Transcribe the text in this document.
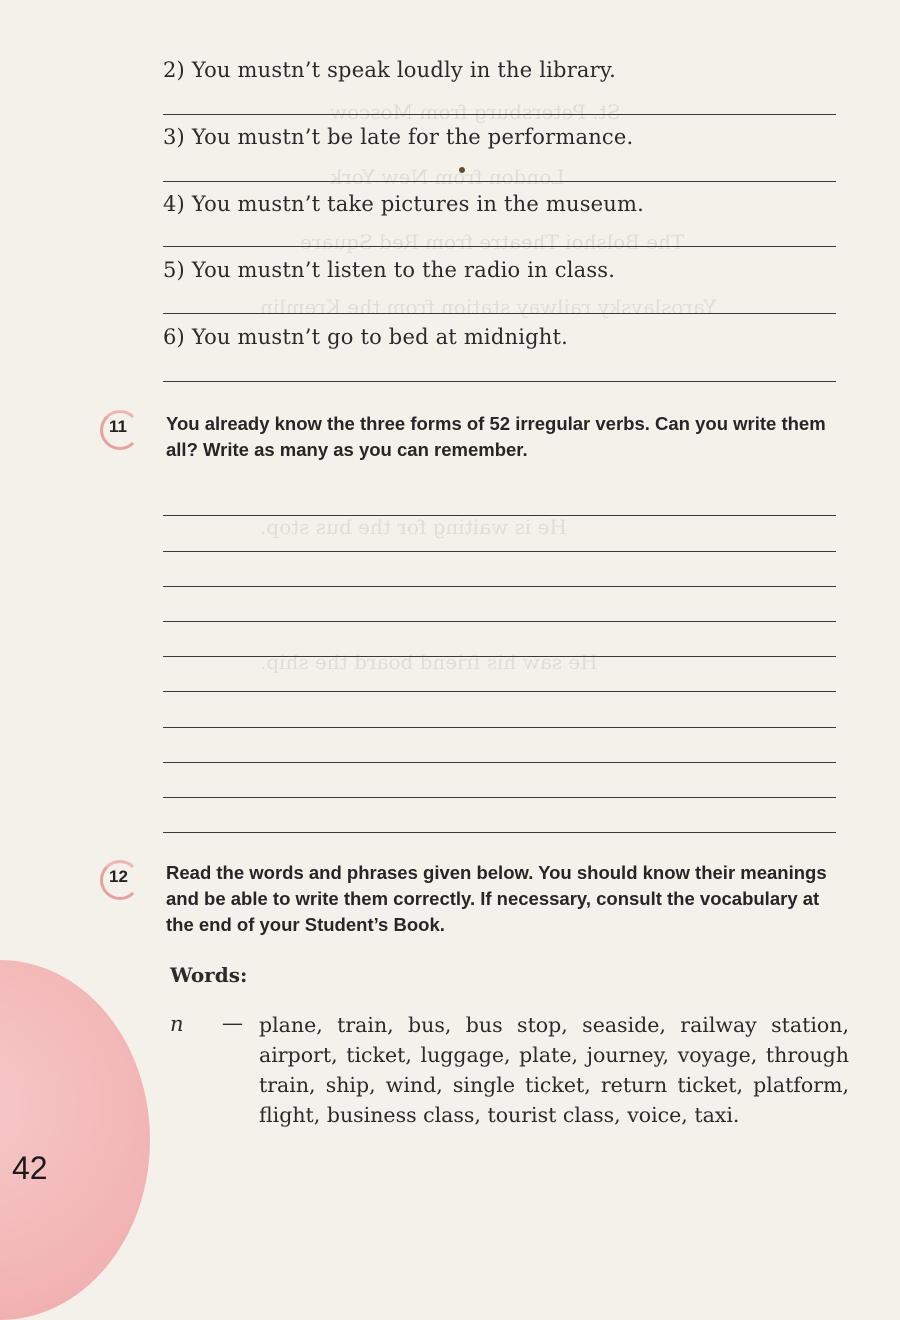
St. Petersburg from Moscow
London from New York
The Bolshoi Theatre from Red Square
Yaroslavsky railway station from the Kremlin
He is waiting for the bus stop.
He saw his friend board the ship.
2) You mustn’t speak loudly in the library.
3) You mustn’t be late for the performance.
4) You mustn’t take pictures in the museum.
5) You mustn’t listen to the radio in class.
6) You mustn’t go to bed at midnight.
11 You already know the three forms of 52 irregular verbs. Can you write them all? Write as many as you can remember.
12 Read the words and phrases given below. You should know their meanings and be able to write them correctly. If necessary, consult the vocabulary at the end of your Student’s Book.
Words:
n — plane, train, bus, bus stop, seaside, railway station, airport, ticket, luggage, plate, journey, voyage, through train, ship, wind, single ticket, return ticket, platform, flight, business class, tourist class, voice, taxi.
42
